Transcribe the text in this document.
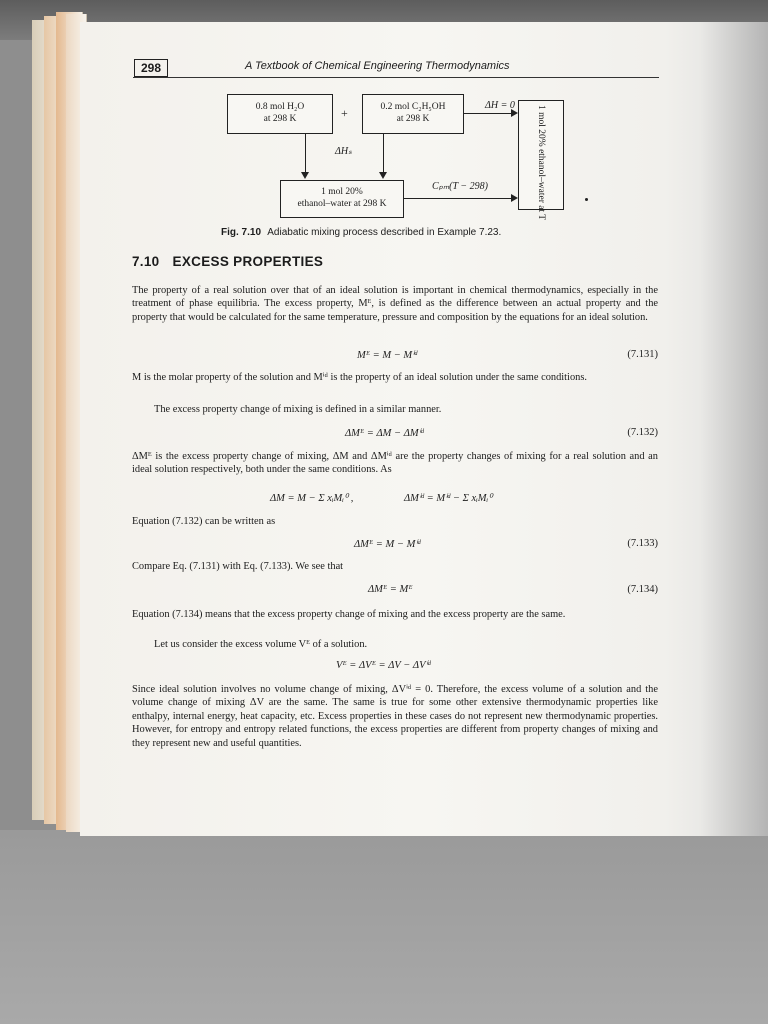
298	A Textbook of Chemical Engineering Thermodynamics
0.8 mol H₂O
at 298 K	+	0.2 mol C₂H₅OH
at 298 K
ΔH = 0 1 mol 20% ethanol–water at T
ΔHₛ
1 mol 20%
ethanol–water at 298 K
Cₚₘ(T − 298)
Fig. 7.10 Adiabatic mixing process described in Example 7.23.
7.10 EXCESS PROPERTIES
The property of a real solution over that of an ideal solution is important in chemical thermodynamics, especially in the treatment of phase equilibria. The excess property, Mᴱ, is defined as the difference between an actual property and the property that would be calculated for the same temperature, pressure and composition by the equations for an ideal solution.
Mᴱ = M − Mⁱᵈ	(7.131)
M is the molar property of the solution and Mⁱᵈ is the property of an ideal solution under the same conditions.
The excess property change of mixing is defined in a similar manner.
ΔMᴱ = ΔM − ΔMⁱᵈ	(7.132)
ΔMᴱ is the excess property change of mixing, ΔM and ΔMⁱᵈ are the property changes of mixing for a real solution and an ideal solution respectively, both under the same conditions. As
ΔM = M − Σ xᵢMᵢ⁰ ,	ΔMⁱᵈ = Mⁱᵈ − Σ xᵢMᵢ⁰
Equation (7.132) can be written as
ΔMᴱ = M − Mⁱᵈ	(7.133)
Compare Eq. (7.131) with Eq. (7.133). We see that
ΔMᴱ = Mᴱ	(7.134)
Equation (7.134) means that the excess property change of mixing and the excess property are the same.
Let us consider the excess volume Vᴱ of a solution.
Vᴱ = ΔVᴱ = ΔV − ΔVⁱᵈ
Since ideal solution involves no volume change of mixing, ΔVⁱᵈ = 0. Therefore, the excess volume of a solution and the volume change of mixing ΔV are the same. The same is true for some other extensive thermodynamic properties like enthalpy, internal energy, heat capacity, etc. Excess properties in these cases do not represent new thermodynamic properties. However, for entropy and entropy related functions, the excess properties are different from property changes of mixing and they represent new and useful quantities.
